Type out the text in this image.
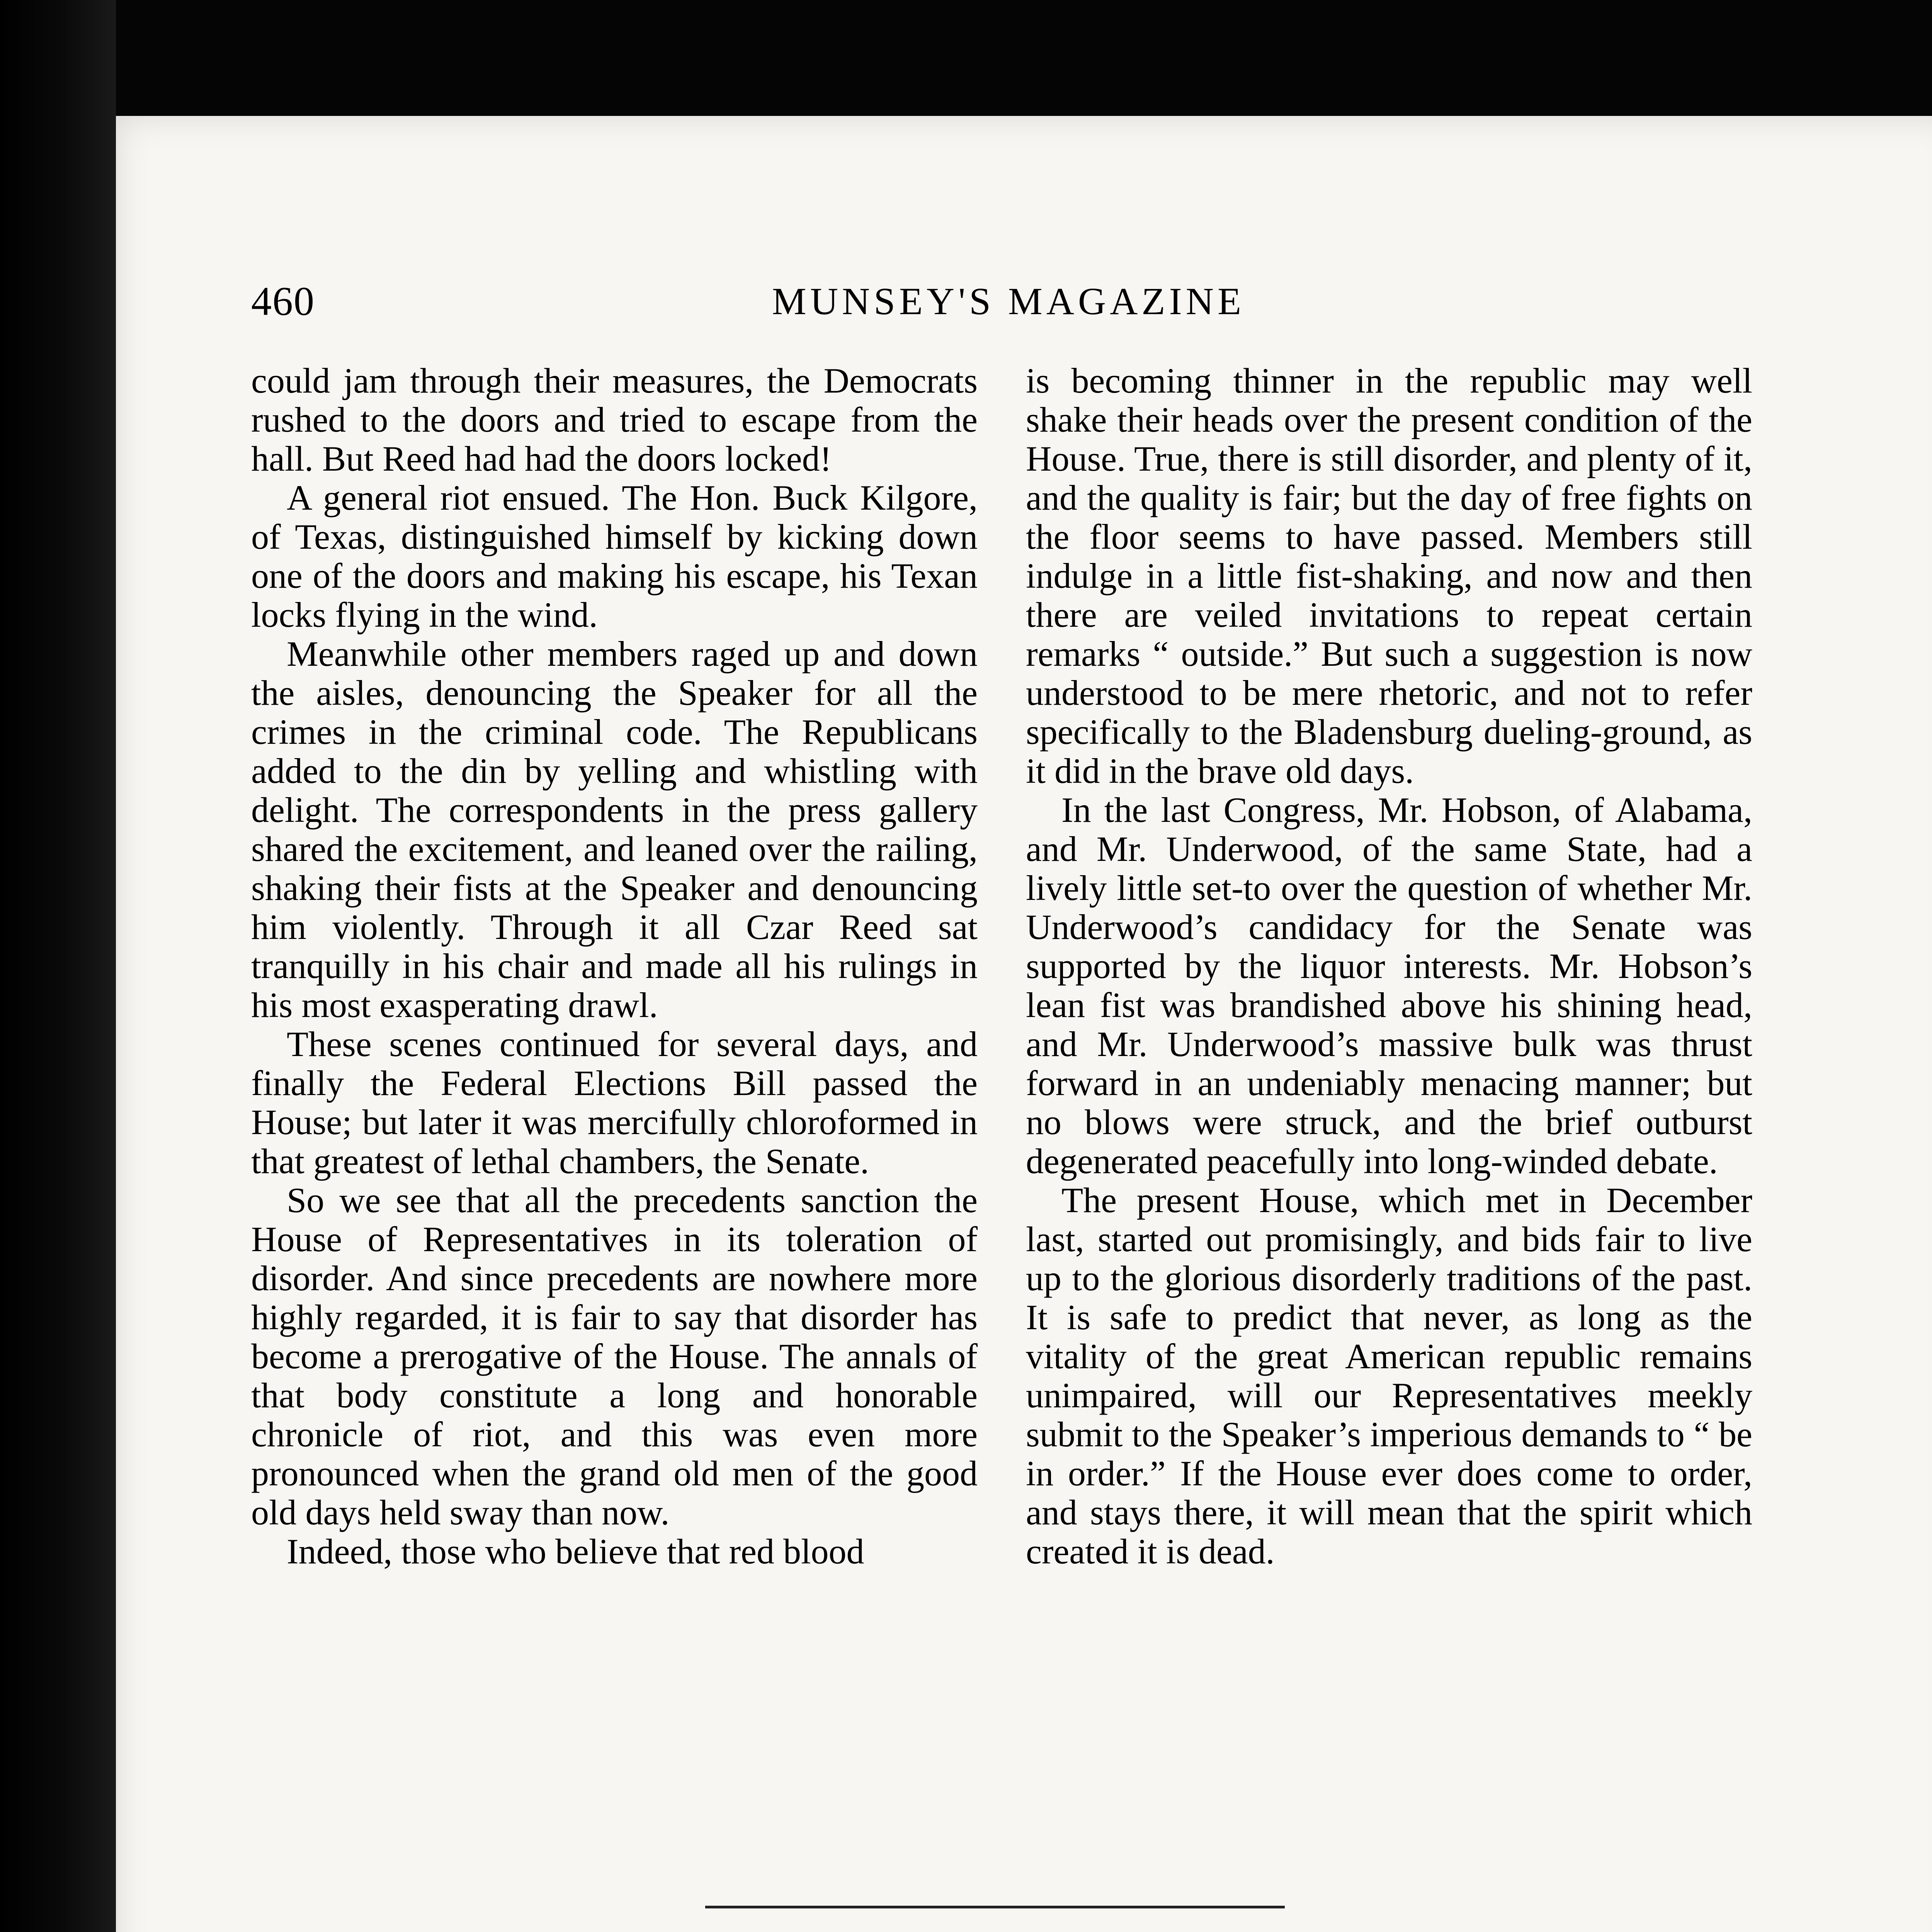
460	MUNSEY'S MAGAZINE

could jam through their measures, the Democrats rushed to the doors and tried to escape from the hall. But Reed had had the doors locked!

A general riot ensued. The Hon. Buck Kilgore, of Texas, distinguished himself by kicking down one of the doors and making his escape, his Texan locks flying in the wind.

Meanwhile other members raged up and down the aisles, denouncing the Speaker for all the crimes in the criminal code. The Republicans added to the din by yelling and whistling with delight. The correspondents in the press gallery shared the excitement, and leaned over the railing, shaking their fists at the Speaker and denouncing him violently. Through it all Czar Reed sat tranquilly in his chair and made all his rulings in his most exasperating drawl.

These scenes continued for several days, and finally the Federal Elections Bill passed the House; but later it was mercifully chloroformed in that greatest of lethal chambers, the Senate.

So we see that all the precedents sanction the House of Representatives in its toleration of disorder. And since precedents are nowhere more highly regarded, it is fair to say that disorder has become a prerogative of the House. The annals of that body constitute a long and honorable chronicle of riot, and this was even more pronounced when the grand old men of the good old days held sway than now.

Indeed, those who believe that red blood

is becoming thinner in the republic may well shake their heads over the present condition of the House. True, there is still disorder, and plenty of it, and the quality is fair; but the day of free fights on the floor seems to have passed. Members still indulge in a little fist-shaking, and now and then there are veiled invitations to repeat certain remarks “ outside.” But such a suggestion is now understood to be mere rhetoric, and not to refer specifically to the Bladensburg dueling-ground, as it did in the brave old days.

In the last Congress, Mr. Hobson, of Alabama, and Mr. Underwood, of the same State, had a lively little set-to over the question of whether Mr. Underwood’s candidacy for the Senate was supported by the liquor interests. Mr. Hobson’s lean fist was brandished above his shining head, and Mr. Underwood’s massive bulk was thrust forward in an undeniably menacing manner; but no blows were struck, and the brief outburst degenerated peacefully into long-winded debate.

The present House, which met in December last, started out promisingly, and bids fair to live up to the glorious disorderly traditions of the past. It is safe to predict that never, as long as the vitality of the great American republic remains unimpaired, will our Representatives meekly submit to the Speaker’s imperious demands to “ be in order.” If the House ever does come to order, and stays there, it will mean that the spirit which created it is dead.
